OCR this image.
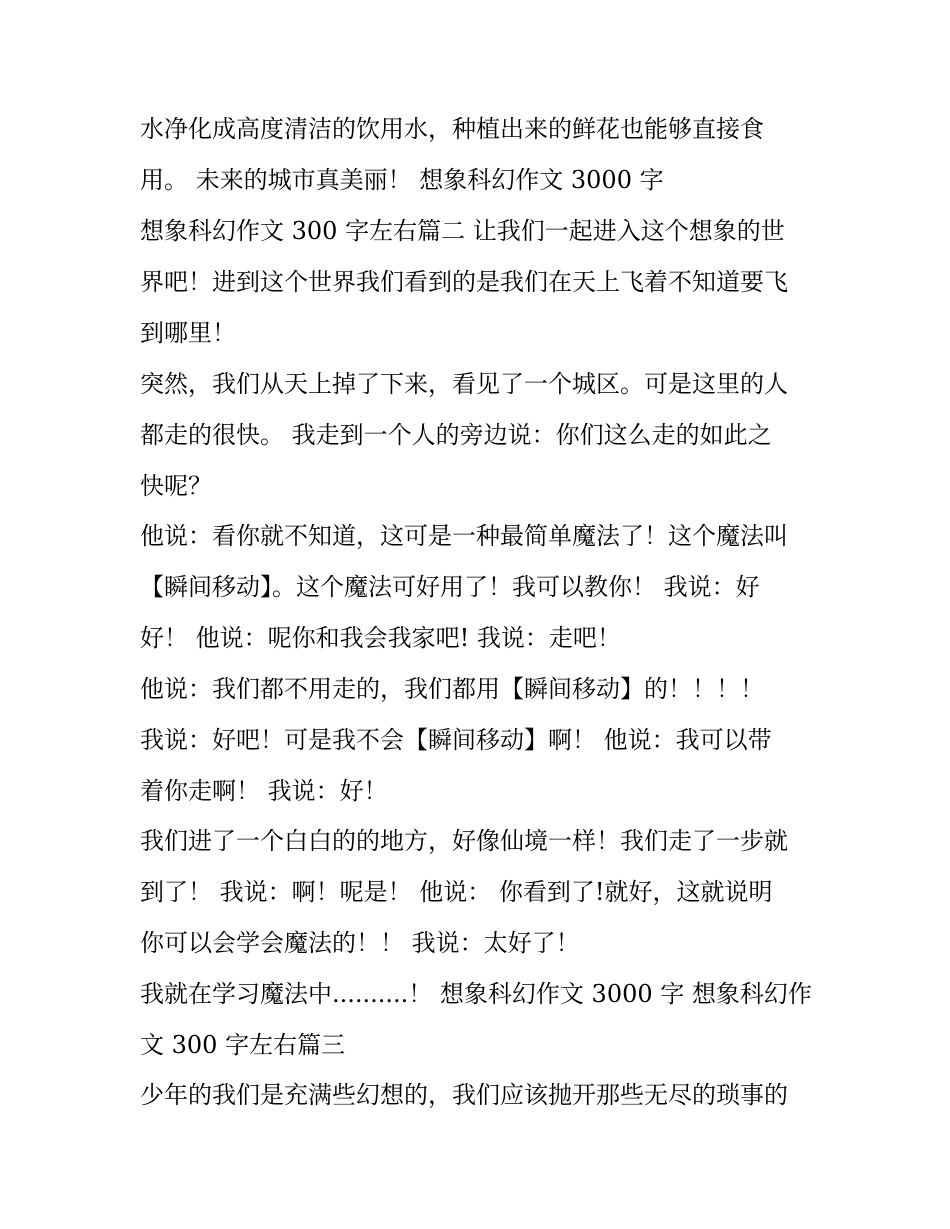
水净化成高度清洁的饮用水，种植出来的鲜花也能够直接食
用。 未来的城市真美丽！ 想象科幻作文 3000 字
想象科幻作文 300 字左右篇二 让我们一起进入这个想象的世
界吧！进到这个世界我们看到的是我们在天上飞着不知道要飞
到哪里！
突然，我们从天上掉了下来，看见了一个城区。可是这里的人
都走的很快。 我走到一个人的旁边说：你们这么走的如此之
快呢？
他说：看你就不知道，这可是一种最简单魔法了！这个魔法叫
【瞬间移动】。这个魔法可好用了！我可以教你！ 我说：好
好！ 他说：呢你和我会我家吧! 我说：走吧！
他说：我们都不用走的，我们都用【瞬间移动】的！！！！
我说：好吧！可是我不会【瞬间移动】啊！ 他说：我可以带
着你走啊！ 我说：好！
我们进了一个白白的的地方，好像仙境一样！我们走了一步就
到了！ 我说：啊！呢是！ 他说： 你看到了!就好，这就说明
你可以会学会魔法的！！ 我说：太好了！
我就在学习魔法中..........！ 想象科幻作文 3000 字 想象科幻作
文 300 字左右篇三
少年的我们是充满些幻想的，我们应该抛开那些无尽的琐事的
